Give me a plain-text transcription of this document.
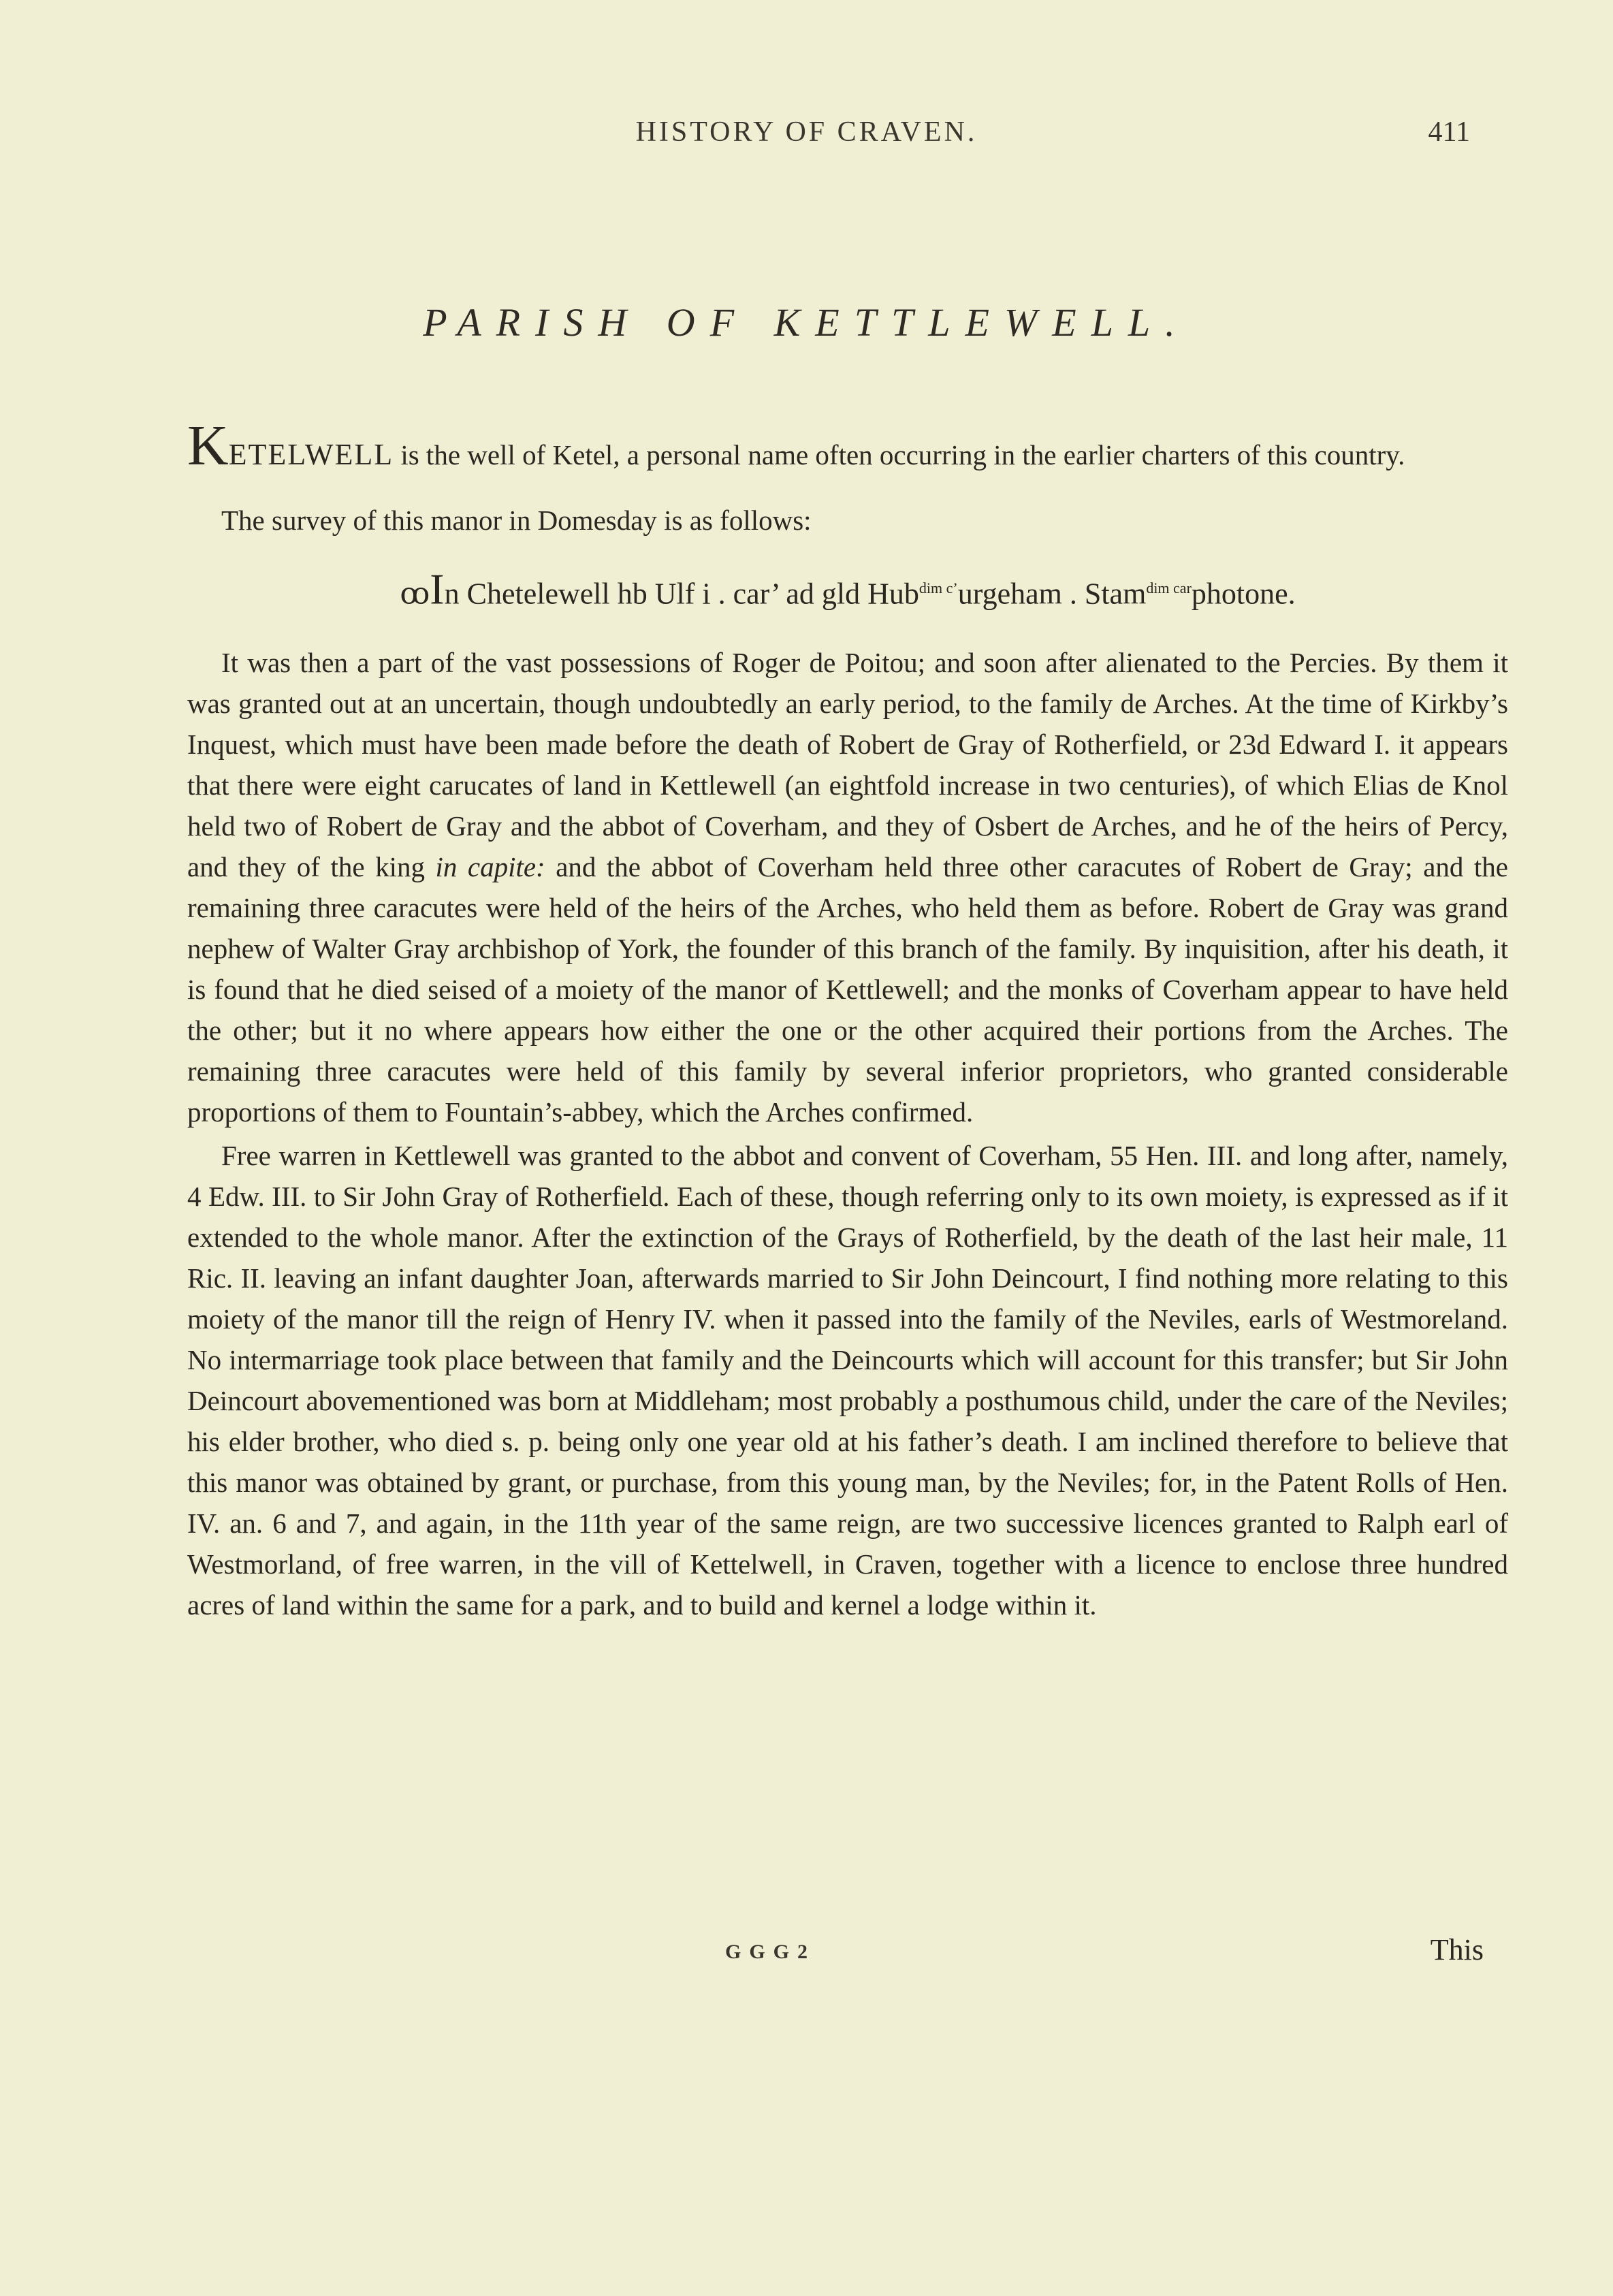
HISTORY OF CRAVEN.	411
PARISH OF KETTLEWELL.

KETELWELL is the well of Ketel, a personal name often occurring in the earlier charters of this country.

The survey of this manor in Domesday is as follows:

ꝏIn Chetelewell hb Ulf i . car’ ad gld Hub$^{dim c’}$urgeham . Stam$^{dim car}$photone.

It was then a part of the vast possessions of Roger de Poitou; and soon after alienated to the Percies. By them it was granted out at an uncertain, though undoubtedly an early period, to the family de Arches. At the time of Kirkby’s Inquest, which must have been made before the death of Robert de Gray of Rotherfield, or 23d Edward I. it appears that there were eight carucates of land in Kettlewell (an eightfold increase in two centuries), of which Elias de Knol held two of Robert de Gray and the abbot of Coverham, and they of Osbert de Arches, and he of the heirs of Percy, and they of the king in capite: and the abbot of Coverham held three other caracutes of Robert de Gray; and the remaining three caracutes were held of the heirs of the Arches, who held them as before. Robert de Gray was grand nephew of Walter Gray archbishop of York, the founder of this branch of the family. By inquisition, after his death, it is found that he died seised of a moiety of the manor of Kettlewell; and the monks of Coverham appear to have held the other; but it no where appears how either the one or the other acquired their portions from the Arches. The remaining three caracutes were held of this family by several inferior proprietors, who granted considerable proportions of them to Fountain’s-abbey, which the Arches confirmed.

Free warren in Kettlewell was granted to the abbot and convent of Coverham, 55 Hen. III. and long after, namely, 4 Edw. III. to Sir John Gray of Rotherfield. Each of these, though referring only to its own moiety, is expressed as if it extended to the whole manor. After the extinction of the Grays of Rotherfield, by the death of the last heir male, 11 Ric. II. leaving an infant daughter Joan, afterwards married to Sir John Deincourt, I find nothing more relating to this moiety of the manor till the reign of Henry IV. when it passed into the family of the Neviles, earls of Westmoreland. No intermarriage took place between that family and the Deincourts which will account for this transfer; but Sir John Deincourt abovementioned was born at Middleham; most probably a posthumous child, under the care of the Neviles; his elder brother, who died s. p. being only one year old at his father’s death. I am inclined therefore to believe that this manor was obtained by grant, or purchase, from this young man, by the Neviles; for, in the Patent Rolls of Hen. IV. an. 6 and 7, and again, in the 11th year of the same reign, are two successive licences granted to Ralph earl of Westmorland, of free warren, in the vill of Kettelwell, in Craven, together with a licence to enclose three hundred acres of land within the same for a park, and to build and kernel a lodge within it.

GGG2	This
